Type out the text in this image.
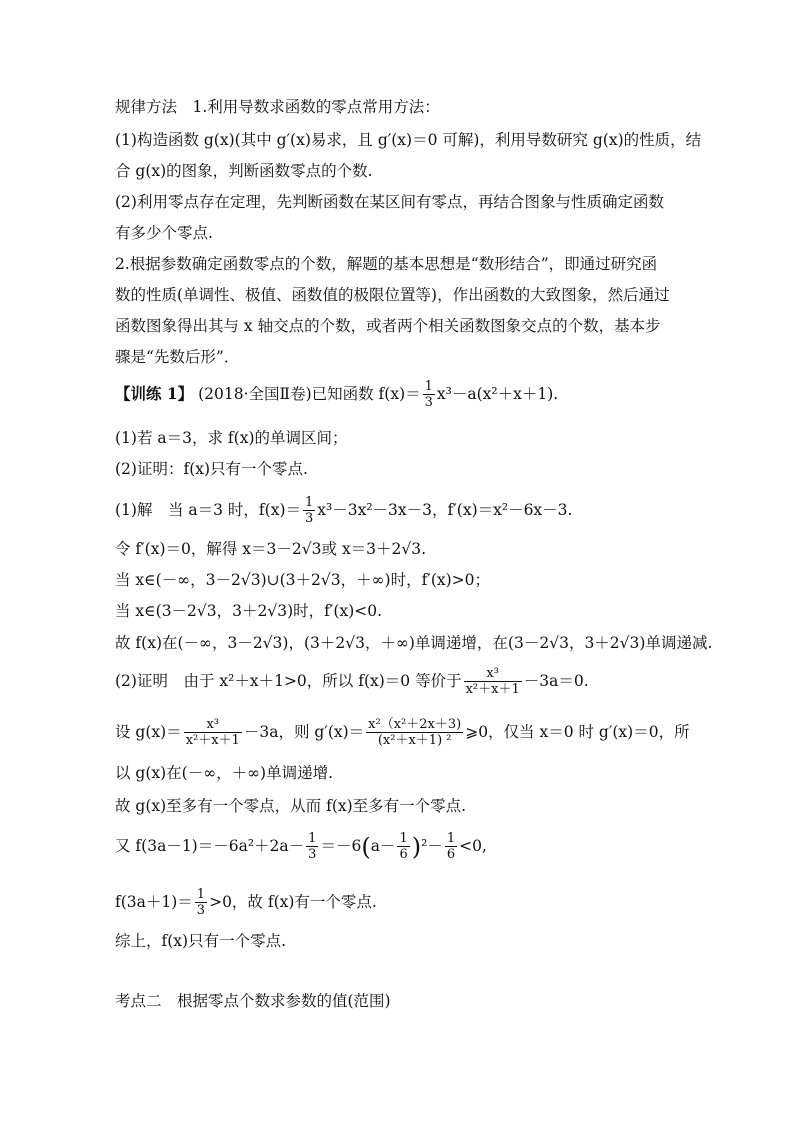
规律方法　1.利用导数求函数的零点常用方法：
(1)构造函数 g(x)(其中 g′(x)易求，且 g′(x)＝0 可解)，利用导数研究 g(x)的性质，结
合 g(x)的图象，判断函数零点的个数.
(2)利用零点存在定理，先判断函数在某区间有零点，再结合图象与性质确定函数
有多少个零点.
2.根据参数确定函数零点的个数，解题的基本思想是“数形结合”，即通过研究函
数的性质(单调性、极值、函数值的极限位置等)，作出函数的大致图象，然后通过
函数图象得出其与 x 轴交点的个数，或者两个相关函数图象交点的个数，基本步
骤是“先数后形”．
【训练 1】 (2018·全国Ⅱ卷)已知函数 $f(x)= \frac{1}{3} x^3-a(x^2+x+1)$.
(1)若 a＝3，求 f(x)的单调区间；
(2)证明：f(x)只有一个零点.
(1)解　当 a＝3 时，$f(x)= \frac{1}{3} x^3-3x^2-3x-3$，f′(x)＝x²－6x－3.
令 f′(x)＝0，解得 x＝3－2√3或 x＝3＋2√3.
当 x∈(－∞，3－2√3)∪(3＋2√3，＋∞)时，f′(x)>0；
当 x∈(3－2√3，3＋2√3)时，f′(x)<0.
故 f(x)在(－∞，3－2√3)，(3＋2√3，＋∞)单调递增，在(3－2√3，3＋2√3)单调递减.
(2)证明　由于 x²＋x＋1>0，所以 f(x)＝0 等价于 $\frac{\text{x³}}{\text{x²＋x＋1}} -3a=0$.
设 $g(x)= \frac{\text{x³}}{\text{x²＋x＋1}} -3a$，则 $g'(x)= \frac{\text{x²（x²＋2x＋3)}}{\text{(x²＋x＋1) ²}}$ ⩾0，仅当 x＝0 时 g′(x)＝0，所
以 g(x)在(－∞，＋∞)单调递增.
故 g(x)至多有一个零点，从而 f(x)至多有一个零点.
又 $f(3a-1)=-6a^2+2a- \frac{1}{3} =-6(a- \frac{1}{6} )^2- \frac{1}{6} <0$,
$f(3a+1)= \frac{1}{3} >0$，故 f(x)有一个零点.
综上，f(x)只有一个零点.
考点二　根据零点个数求参数的值(范围)
